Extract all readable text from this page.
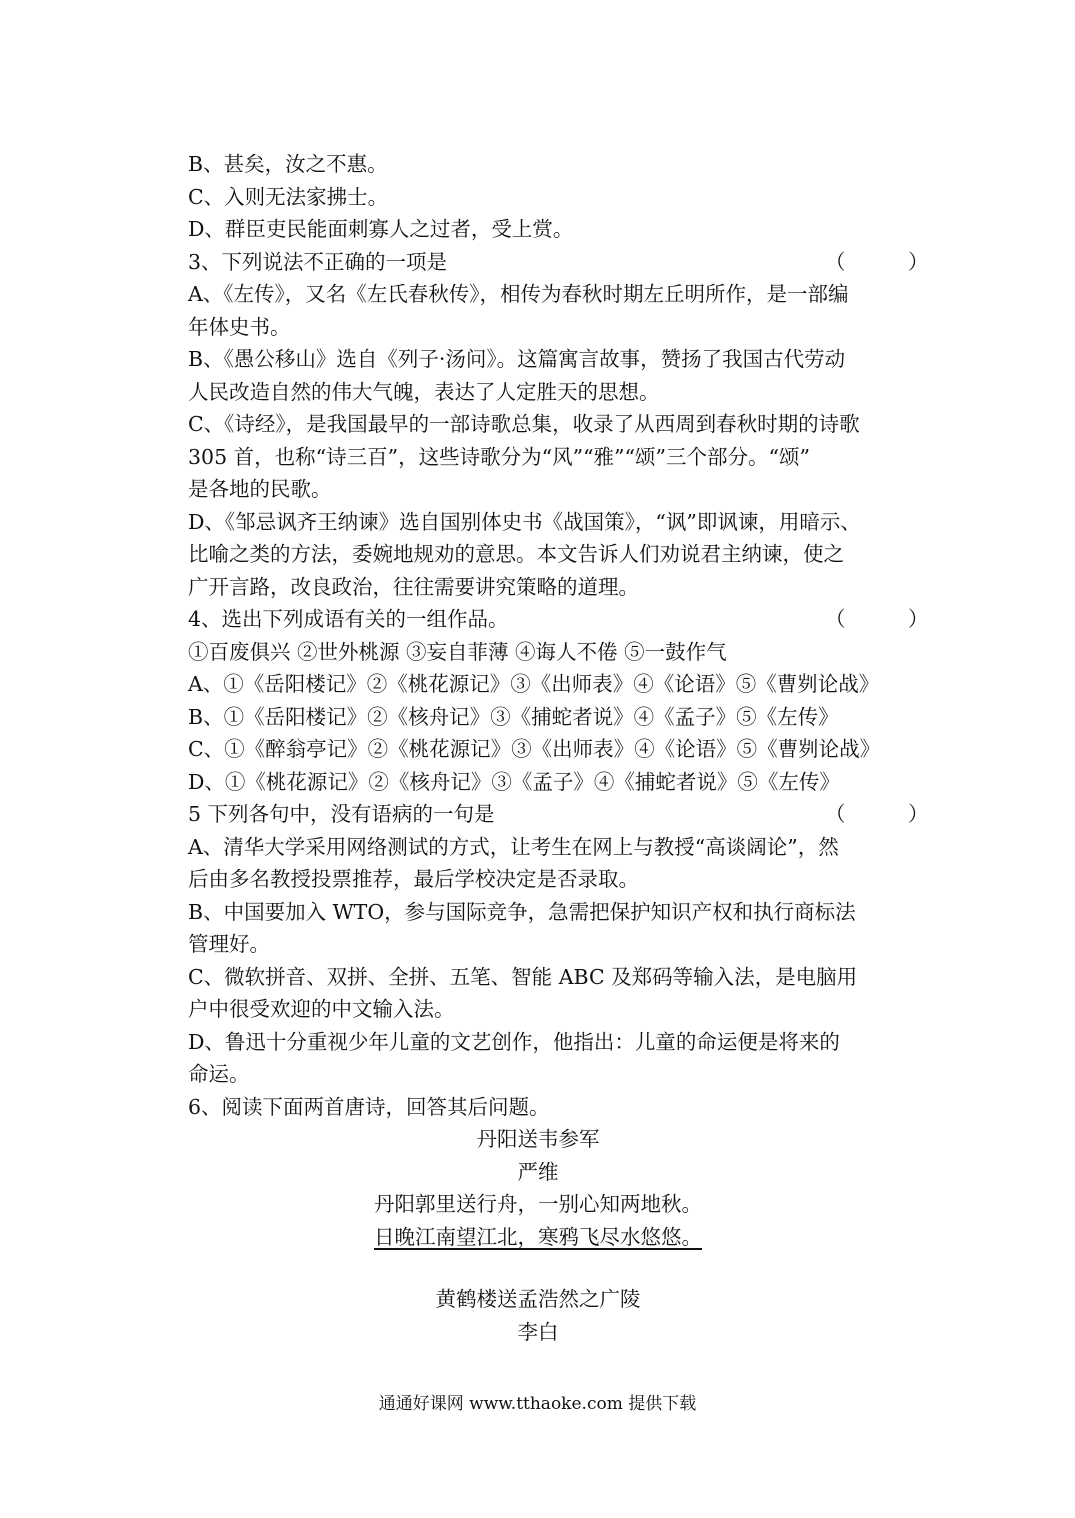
B、甚矣，汝之不惠。
C、入则无法家拂士。
D、群臣吏民能面刺寡人之过者，受上赏。
3、下列说法不正确的一项是	（ ）
A、《左传》，又名《左氏春秋传》，相传为春秋时期左丘明所作，是一部编
年体史书。
B、《愚公移山》选自《列子·汤问》。这篇寓言故事，赞扬了我国古代劳动
人民改造自然的伟大气魄，表达了人定胜天的思想。
C、《诗经》，是我国最早的一部诗歌总集，收录了从西周到春秋时期的诗歌
305 首，也称“诗三百”，这些诗歌分为“风”“雅”“颂”三个部分。“颂”
是各地的民歌。
D、《邹忌讽齐王纳谏》选自国别体史书《战国策》，“讽”即讽谏，用暗示、
比喻之类的方法，委婉地规劝的意思。本文告诉人们劝说君主纳谏，使之
广开言路，改良政治，往往需要讲究策略的道理。
4、选出下列成语有关的一组作品。	（ ）
①百废俱兴 ②世外桃源 ③妄自菲薄 ④诲人不倦 ⑤一鼓作气
A、①《岳阳楼记》②《桃花源记》③《出师表》④《论语》⑤《曹刿论战》
B、①《岳阳楼记》②《核舟记》③《捕蛇者说》④《孟子》⑤《左传》
C、①《醉翁亭记》②《桃花源记》③《出师表》④《论语》⑤《曹刿论战》
D、①《桃花源记》②《核舟记》③《孟子》④《捕蛇者说》⑤《左传》
5 下列各句中，没有语病的一句是	（ ）
A、清华大学采用网络测试的方式，让考生在网上与教授“高谈阔论”，然
后由多名教授投票推荐，最后学校决定是否录取。
B、中国要加入 WTO，参与国际竞争，急需把保护知识产权和执行商标法
管理好。
C、微软拼音、双拼、全拼、五笔、智能 ABC 及郑码等输入法，是电脑用
户中很受欢迎的中文输入法。
D、鲁迅十分重视少年儿童的文艺创作，他指出：儿童的命运便是将来的
命运。
6、阅读下面两首唐诗，回答其后问题。
丹阳送韦参军
严维
丹阳郭里送行舟，一别心知两地秋。
日晚江南望江北，寒鸦飞尽水悠悠。
黄鹤楼送孟浩然之广陵
李白
通通好课网 www.tthaoke.com 提供下载
